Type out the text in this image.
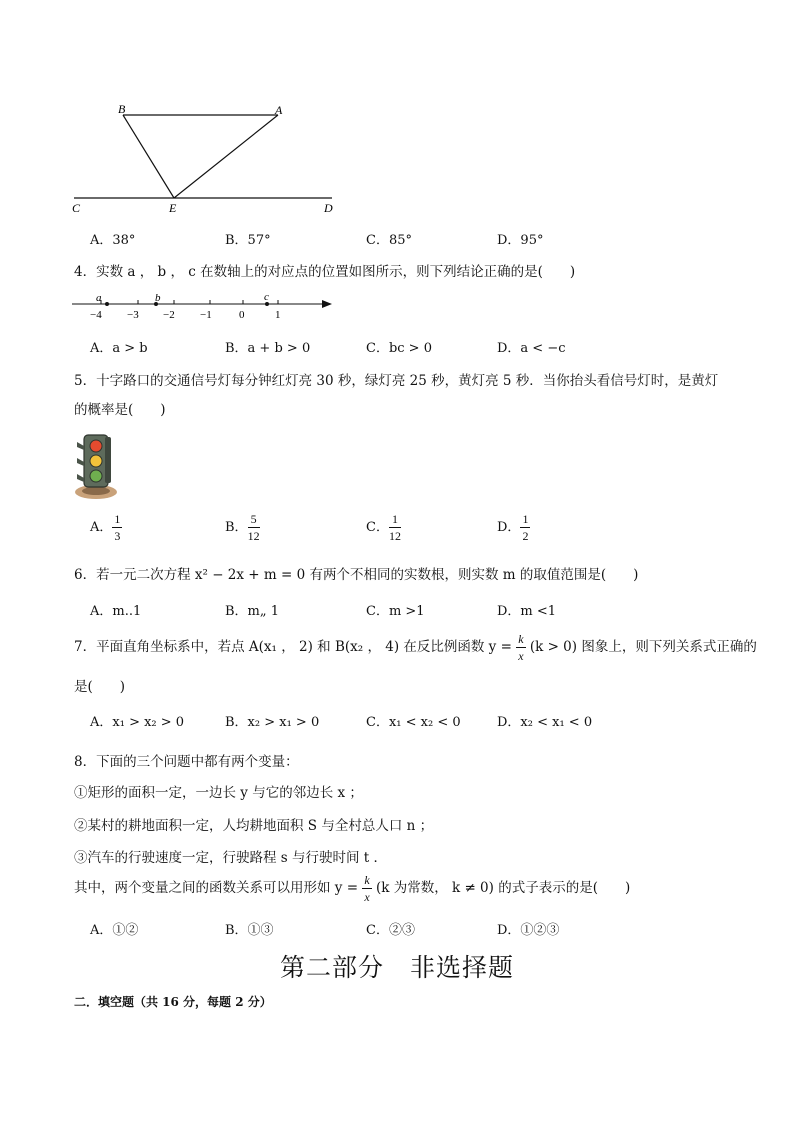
B	A
C	E	D
A．38°	B．57°	C．85°	D．95°
4．实数 a ， b ， c 在数轴上的对应点的位置如图所示，则下列结论正确的是(　　)
a	b	c
−4 −3 −2 −1 0	1
A．a > b	B．a + b > 0	C．bc > 0	D．a < −c
5．十字路口的交通信号灯每分钟红灯亮 30 秒，绿灯亮 25 秒，黄灯亮 5 秒．当你抬头看信号灯时，是黄灯
的概率是(　　)
A． $\frac{1}{3}$	B． $\frac{5}{12}$	C． $\frac{1}{12}$	D． $\frac{1}{2}$
6．若一元二次方程 x² − 2x + m = 0 有两个不相同的实数根，则实数 m 的取值范围是(　　)
A．m..1	B．m„ 1	C．m >1	D．m <1
7．平面直角坐标系中，若点 A(x₁ ， 2) 和 B(x₂ ， 4) 在反比例函数 $y = \frac{k}{x} (k > 0)$ 图象上，则下列关系式正确的
是(　　)
A．x₁ > x₂ > 0	B．x₂ > x₁ > 0	C．x₁ < x₂ < 0	D．x₂ < x₁ < 0
8．下面的三个问题中都有两个变量：
①矩形的面积一定，一边长 y 与它的邻边长 x ；
②某村的耕地面积一定，人均耕地面积 S 与全村总人口 n ；
③汽车的行驶速度一定，行驶路程 s 与行驶时间 t ．
其中，两个变量之间的函数关系可以用形如 $y = \frac{k}{x} (k$ 为常数， k ≠ 0) 的式子表示的是(　　)
A．①②	B．①③	C．②③	D．①②③
第二部分　非选择题
二．填空题（共 16 分，每题 2 分）
